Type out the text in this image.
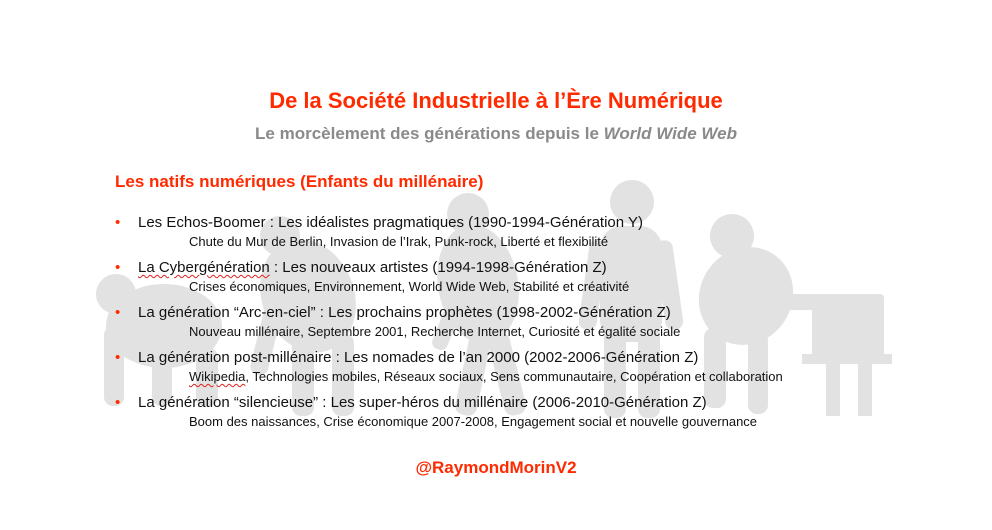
De la Société Industrielle à l’Ère Numérique
Le morcèlement des générations depuis le World Wide Web
Les natifs numériques (Enfants du millénaire)
• Les Echos-Boomer : Les idéalistes pragmatiques (1990-1994-Génération Y)
Chute du Mur de Berlin, Invasion de l’Irak, Punk-rock, Liberté et flexibilité
• La Cybergénération : Les nouveaux artistes (1994-1998-Génération Z)
Crises économiques, Environnement, World Wide Web, Stabilité et créativité
• La génération “Arc-en-ciel” : Les prochains prophètes (1998-2002-Génération Z)
Nouveau millénaire, Septembre 2001, Recherche Internet, Curiosité et égalité sociale
• La génération post-millénaire : Les nomades de l’an 2000 (2002-2006-Génération Z)
Wikipedia, Technologies mobiles, Réseaux sociaux, Sens communautaire, Coopération et collaboration
• La génération “silencieuse” : Les super-héros du millénaire (2006-2010-Génération Z)
Boom des naissances, Crise économique 2007-2008, Engagement social et nouvelle gouvernance
@RaymondMorinV2
